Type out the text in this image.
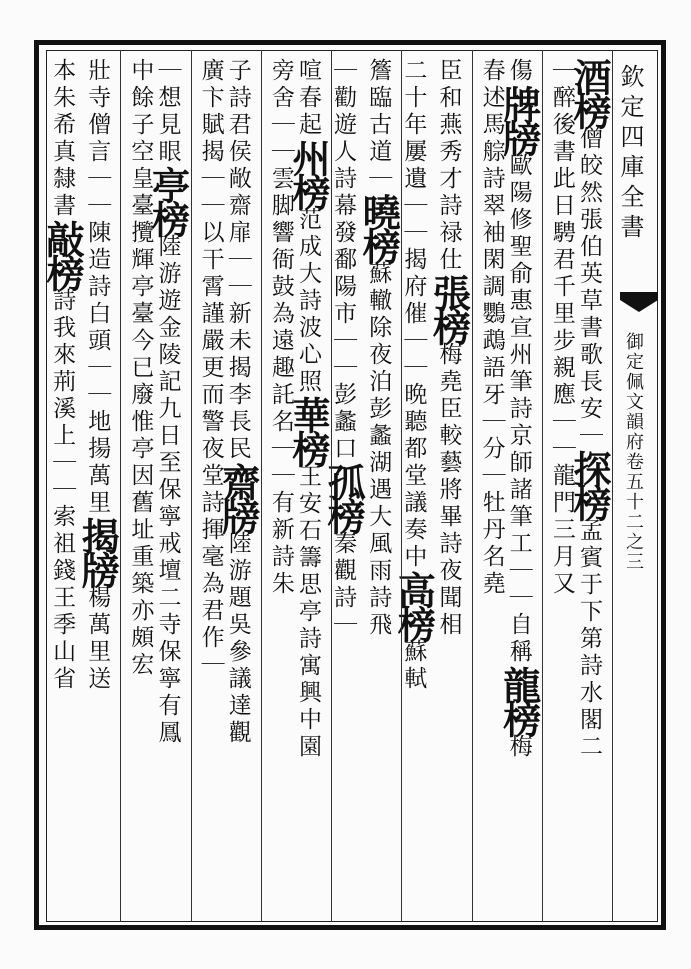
欽定四庫全書
御定佩文韻府卷五十二之三
酒榜僧皎然張伯英草書歌長安｜探榜孟賓于下第詩水閣二
｜醉後書此日騁君千里步親應｜｜龍門三月又
傷牌牓歐陽修聖俞惠宣州筆詩京師諸筆工｜｜自稱龍榜梅
春述馬䑸詩翠袖閑調鸚鵡語牙｜分｜牡丹名堯
臣和燕秀才詩禄仕張榜梅堯臣較藝將畢詩夜聞相
二十年屢遺｜｜揭府催｜｜晩聽都堂議奏中高榜蘇軾
簷臨古道｜曉榜蘇轍除夜泊彭蠡湖遇大風雨詩飛
｜勸遊人詩幕發鄱陽市｜｜彭蠡口孤榜秦觀詩｜
喧春起州榜范成大詩波心照華榜王安石籌思亭詩寓興中園
旁舍｜｜雲脚響衙鼓為遠趣託名｜｜有新詩朱
子詩君侯敞齋扉｜｜新未揭李長民齋牓陸游題吳參議達觀
廣卞賦揭｜｜以干霄謹嚴更而警夜堂詩揮毫為君作｜
｜想見眼亭榜陸游遊金陵記九日至保寧戒壇二寺保寧有鳳
中餘子空皇臺攬輝亭臺今已廢惟亭因舊址重築亦頗宏
壯寺僧言｜｜陳造詩白頭｜｜地揚萬里揭牓楊萬里送
本朱希真隸書敲榜詩我來荊溪上｜｜索祖錢王季山省
